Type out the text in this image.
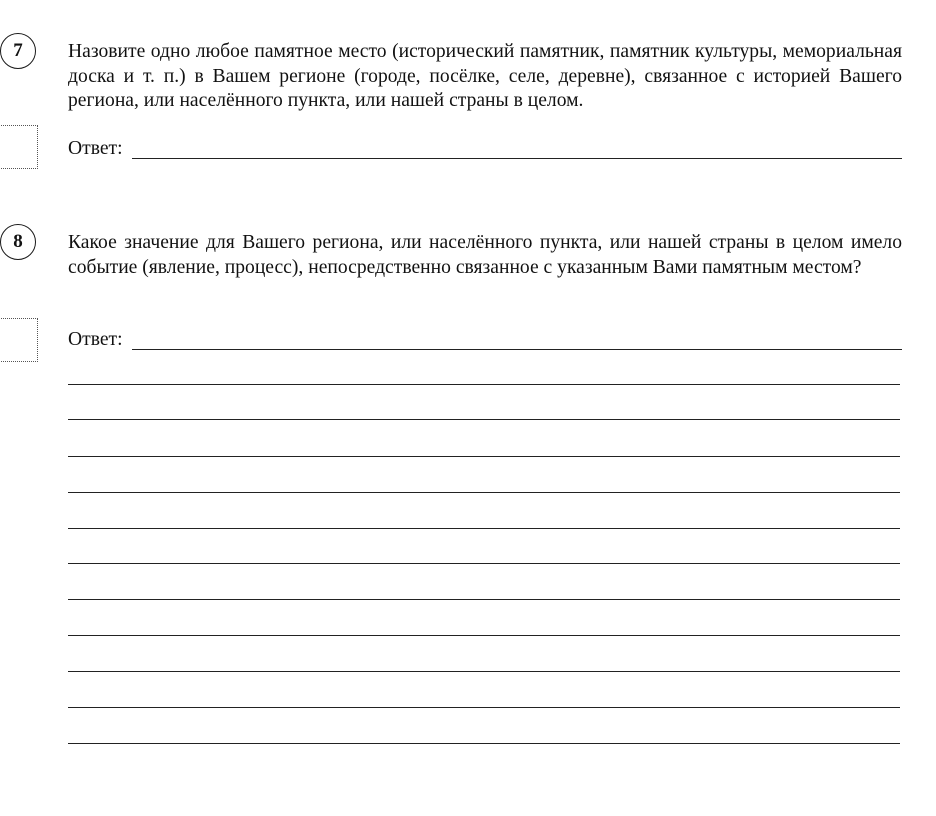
7	Назовите одно любое памятное место (исторический памятник, памятник культуры, мемориальная доска и т. п.) в Вашем регионе (городе, посёлке, селе, деревне), связанное с историей Вашего региона, или населённого пункта, или нашей страны в целом.
Ответ:
8	Какое значение для Вашего региона, или населённого пункта, или нашей страны в целом имело событие (явление, процесс), непосредственно связанное с указанным Вами памятным местом?
Ответ:
